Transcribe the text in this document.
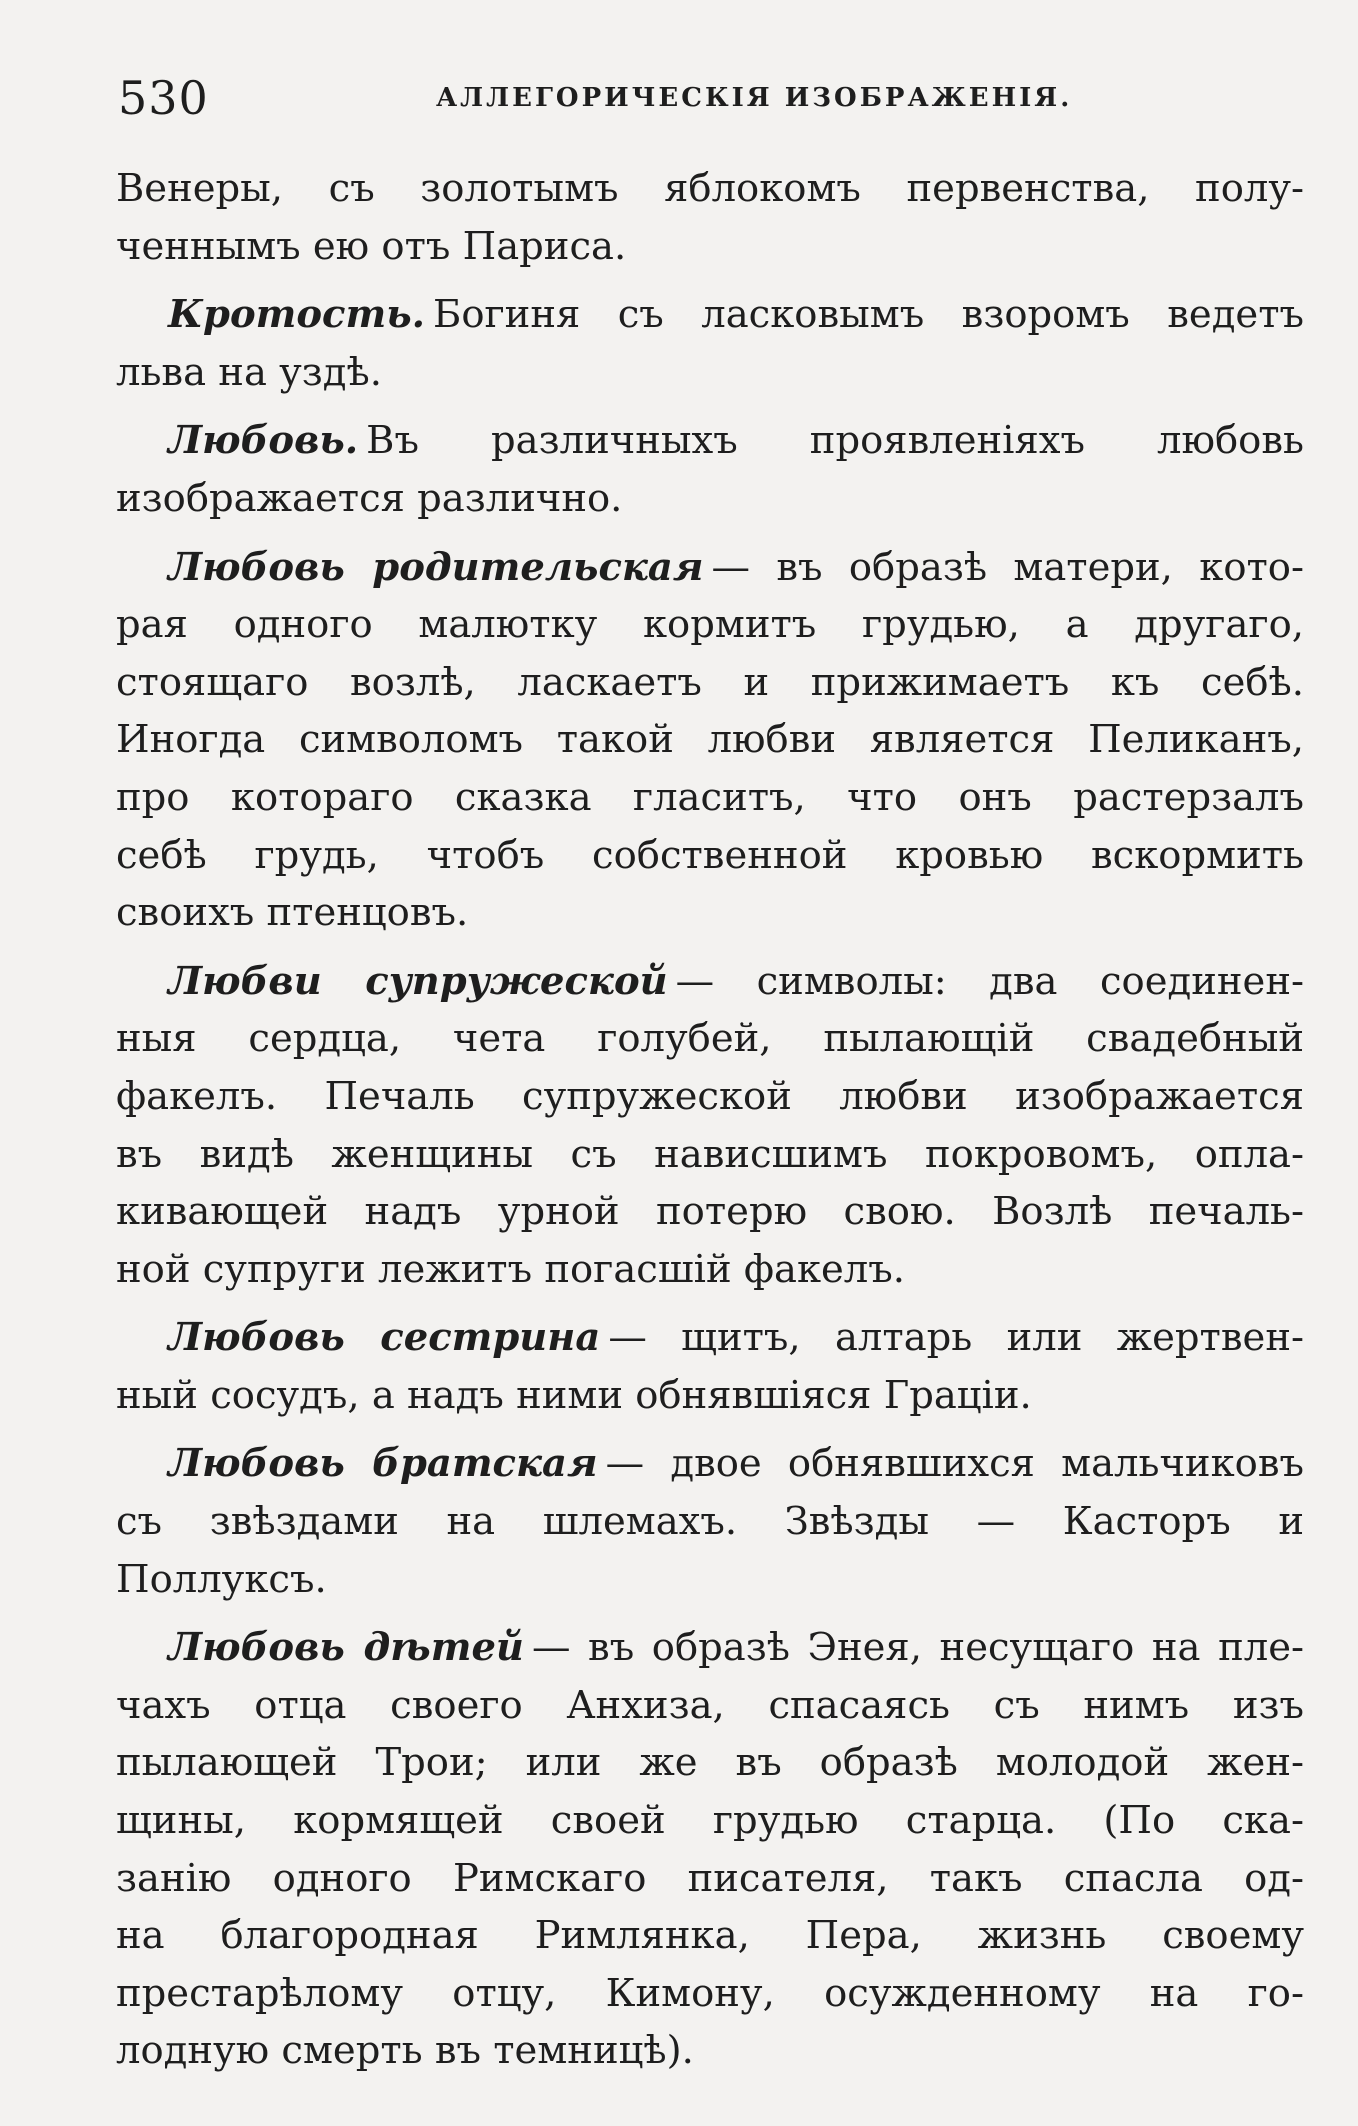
530	АЛЛЕГОРИЧЕСКІЯ ИЗОБРАЖЕНІЯ.
Венеры, съ золотымъ яблокомъ первенства, полу-
ченнымъ ею отъ Париса.
Кротость. Богиня съ ласковымъ взоромъ ведетъ
льва на уздѣ.
Любовь. Въ различныхъ проявленіяхъ любовь
изображается различно.
Любовь родительская — въ образѣ матери, кото-
рая одного малютку кормитъ грудью, а другаго,
стоящаго возлѣ, ласкаетъ и прижимаетъ къ себѣ.
Иногда символомъ такой любви является Пеликанъ,
про котораго сказка гласитъ, что онъ растерзалъ
себѣ грудь, чтобъ собственной кровью вскормить
своихъ птенцовъ.
Любви супружеской — символы: два соединен-
ныя сердца, чета голубей, пылающій свадебный
факелъ. Печаль супружеской любви изображается
въ видѣ женщины съ нависшимъ покровомъ, опла-
кивающей надъ урной потерю свою. Возлѣ печаль-
ной супруги лежитъ погасшій факелъ.
Любовь сестрина — щитъ, алтарь или жертвен-
ный сосудъ, а надъ ними обнявшіяся Граціи.
Любовь братская — двое обнявшихся мальчиковъ
съ звѣздами на шлемахъ. Звѣзды — Касторъ и
Поллуксъ.
Любовь дѣтей — въ образѣ Энея, несущаго на пле-
чахъ отца своего Анхиза, спасаясь съ нимъ изъ
пылающей Трои; или же въ образѣ молодой жен-
щины, кормящей своей грудью старца. (По ска-
занію одного Римскаго писателя, такъ спасла од-
на благородная Римлянка, Пера, жизнь своему
престарѣлому отцу, Кимону, осужденному на го-
лодную смерть въ темницѣ).
